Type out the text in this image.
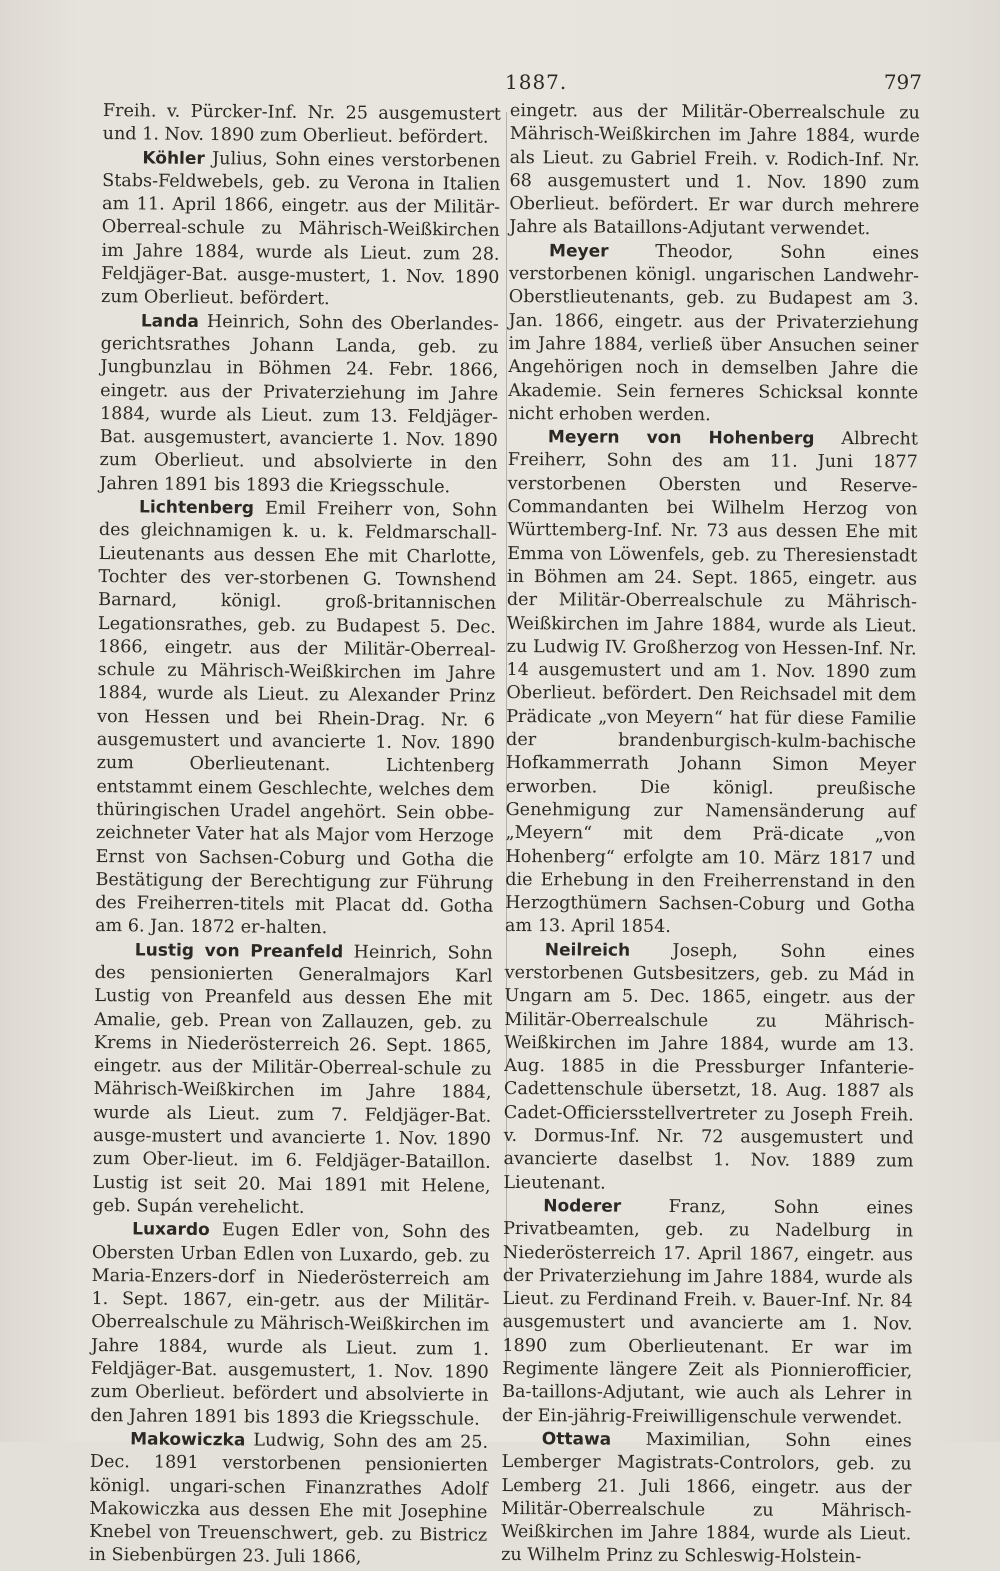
1887.	797

Freih. v. Pürcker-Inf. Nr. 25 ausgemustert und 1. Nov. 1890 zum Oberlieut. befördert.

Köhler Julius, Sohn eines verstorbenen Stabs-Feldwebels, geb. zu Verona in Italien am 11. April 1866, eingetr. aus der Militär-Oberreal-schule zu Mährisch-Weißkirchen im Jahre 1884, wurde als Lieut. zum 28. Feldjäger-Bat. ausge-mustert, 1. Nov. 1890 zum Oberlieut. befördert.

Landa Heinrich, Sohn des Oberlandes-gerichtsrathes Johann Landa, geb. zu Jungbunzlau in Böhmen 24. Febr. 1866, eingetr. aus der Privaterziehung im Jahre 1884, wurde als Lieut. zum 13. Feldjäger-Bat. ausgemustert, avancierte 1. Nov. 1890 zum Oberlieut. und absolvierte in den Jahren 1891 bis 1893 die Kriegsschule.

Lichtenberg Emil Freiherr von, Sohn des gleichnamigen k. u. k. Feldmarschall-Lieutenants aus dessen Ehe mit Charlotte, Tochter des ver-storbenen G. Townshend Barnard, königl. groß-britannischen Legationsrathes, geb. zu Budapest 5. Dec. 1866, eingetr. aus der Militär-Oberreal-schule zu Mährisch-Weißkirchen im Jahre 1884, wurde als Lieut. zu Alexander Prinz von Hessen und bei Rhein-Drag. Nr. 6 ausgemustert und avancierte 1. Nov. 1890 zum Oberlieutenant. Lichtenberg entstammt einem Geschlechte, welches dem thüringischen Uradel angehört. Sein obbe-zeichneter Vater hat als Major vom Herzoge Ernst von Sachsen-Coburg und Gotha die Bestätigung der Berechtigung zur Führung des Freiherren-titels mit Placat dd. Gotha am 6. Jan. 1872 er-halten.

Lustig von Preanfeld Heinrich, Sohn des pensionierten Generalmajors Karl Lustig von Preanfeld aus dessen Ehe mit Amalie, geb. Prean von Zallauzen, geb. zu Krems in Niederösterreich 26. Sept. 1865, eingetr. aus der Militär-Oberreal-schule zu Mährisch-Weißkirchen im Jahre 1884, wurde als Lieut. zum 7. Feldjäger-Bat. ausge-mustert und avancierte 1. Nov. 1890 zum Ober-lieut. im 6. Feldjäger-Bataillon. Lustig ist seit 20. Mai 1891 mit Helene, geb. Supán verehelicht.

Luxardo Eugen Edler von, Sohn des Obersten Urban Edlen von Luxardo, geb. zu Maria-Enzers-dorf in Niederösterreich am 1. Sept. 1867, ein-getr. aus der Militär-Oberrealschule zu Mährisch-Weißkirchen im Jahre 1884, wurde als Lieut. zum 1. Feldjäger-Bat. ausgemustert, 1. Nov. 1890 zum Oberlieut. befördert und absolvierte in den Jahren 1891 bis 1893 die Kriegsschule.

Makowiczka Ludwig, Sohn des am 25. Dec. 1891 verstorbenen pensionierten königl. ungari-schen Finanzrathes Adolf Makowiczka aus dessen Ehe mit Josephine Knebel von Treuenschwert, geb. zu Bistricz in Siebenbürgen 23. Juli 1866,

eingetr. aus der Militär-Oberrealschule zu Mährisch-Weißkirchen im Jahre 1884, wurde als Lieut. zu Gabriel Freih. v. Rodich-Inf. Nr. 68 ausgemustert und 1. Nov. 1890 zum Oberlieut. befördert. Er war durch mehrere Jahre als Bataillons-Adjutant verwendet.

Meyer Theodor, Sohn eines verstorbenen königl. ungarischen Landwehr-Oberstlieutenants, geb. zu Budapest am 3. Jan. 1866, eingetr. aus der Privaterziehung im Jahre 1884, verließ über Ansuchen seiner Angehörigen noch in demselben Jahre die Akademie. Sein ferneres Schicksal konnte nicht erhoben werden.

Meyern von Hohenberg Albrecht Freiherr, Sohn des am 11. Juni 1877 verstorbenen Obersten und Reserve-Commandanten bei Wilhelm Herzog von Württemberg-Inf. Nr. 73 aus dessen Ehe mit Emma von Löwenfels, geb. zu Theresienstadt in Böhmen am 24. Sept. 1865, eingetr. aus der Militär-Oberrealschule zu Mährisch-Weißkirchen im Jahre 1884, wurde als Lieut. zu Ludwig IV. Großherzog von Hessen-Inf. Nr. 14 ausgemustert und am 1. Nov. 1890 zum Oberlieut. befördert. Den Reichsadel mit dem Prädicate „von Meyern“ hat für diese Familie der brandenburgisch-kulm-bachische Hofkammerrath Johann Simon Meyer erworben. Die königl. preußische Genehmigung zur Namensänderung auf „Meyern“ mit dem Prä-dicate „von Hohenberg“ erfolgte am 10. März 1817 und die Erhebung in den Freiherrenstand in den Herzogthümern Sachsen-Coburg und Gotha am 13. April 1854.

Neilreich Joseph, Sohn eines verstorbenen Gutsbesitzers, geb. zu Mád in Ungarn am 5. Dec. 1865, eingetr. aus der Militär-Oberrealschule zu Mährisch-Weißkirchen im Jahre 1884, wurde am 13. Aug. 1885 in die Pressburger Infanterie-Cadettenschule übersetzt, 18. Aug. 1887 als Cadet-Officiersstellvertreter zu Joseph Freih. v. Dormus-Inf. Nr. 72 ausgemustert und avancierte daselbst 1. Nov. 1889 zum Lieutenant.

Noderer Franz, Sohn eines Privatbeamten, geb. zu Nadelburg in Niederösterreich 17. April 1867, eingetr. aus der Privaterziehung im Jahre 1884, wurde als Lieut. zu Ferdinand Freih. v. Bauer-Inf. Nr. 84 ausgemustert und avancierte am 1. Nov. 1890 zum Oberlieutenant. Er war im Regimente längere Zeit als Pionnierofficier, Ba-taillons-Adjutant, wie auch als Lehrer in der Ein-jährig-Freiwilligenschule verwendet.

Ottawa Maximilian, Sohn eines Lemberger Magistrats-Controlors, geb. zu Lemberg 21. Juli 1866, eingetr. aus der Militär-Oberrealschule zu Mährisch-Weißkirchen im Jahre 1884, wurde als Lieut. zu Wilhelm Prinz zu Schleswig-Holstein-
